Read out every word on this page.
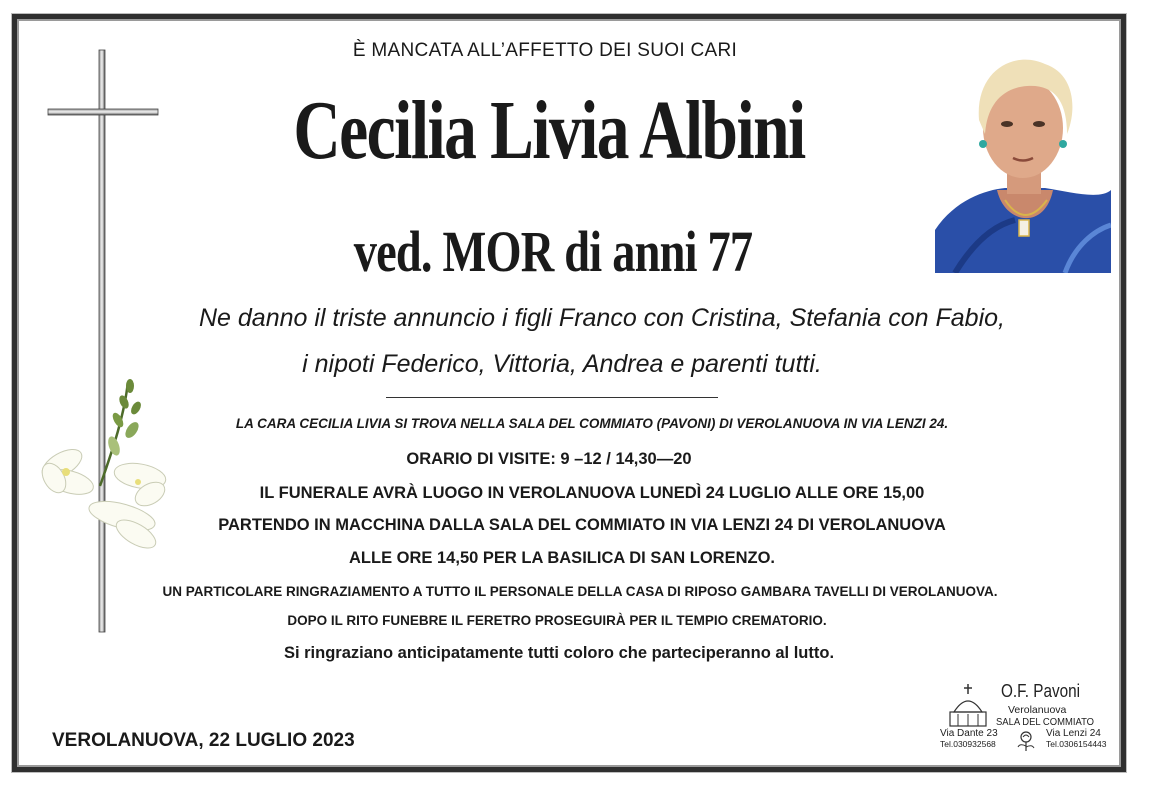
È MANCATA ALL’AFFETTO DEI SUOI CARI
Cecilia Livia Albini
ved. MOR di anni 77
Ne danno il triste annuncio i figli Franco con Cristina, Stefania con Fabio,
i nipoti Federico, Vittoria, Andrea e parenti tutti.
LA CARA CECILIA LIVIA SI TROVA NELLA SALA DEL COMMIATO (PAVONI) DI VEROLANUOVA IN VIA LENZI 24.
ORARIO DI VISITE: 9 –12 / 14,30—20
IL FUNERALE AVRÀ LUOGO IN VEROLANUOVA LUNEDÌ 24 LUGLIO ALLE ORE 15,00
PARTENDO IN MACCHINA DALLA SALA DEL COMMIATO IN VIA LENZI 24 DI VEROLANUOVA
ALLE ORE 14,50 PER LA BASILICA DI SAN LORENZO.
UN PARTICOLARE RINGRAZIAMENTO A TUTTO IL PERSONALE DELLA CASA DI RIPOSO GAMBARA TAVELLI DI VEROLANUOVA.
DOPO IL RITO FUNEBRE IL FERETRO PROSEGUIRÀ PER IL TEMPIO CREMATORIO.
Si ringraziano anticipatamente tutti coloro che parteciperanno al lutto.
VEROLANUOVA, 22 LUGLIO 2023
O.F. Pavoni
Verolanuova
SALA DEL COMMIATO
Via Dante 23
Tel.030932568
Via Lenzi 24
Tel.0306154443
